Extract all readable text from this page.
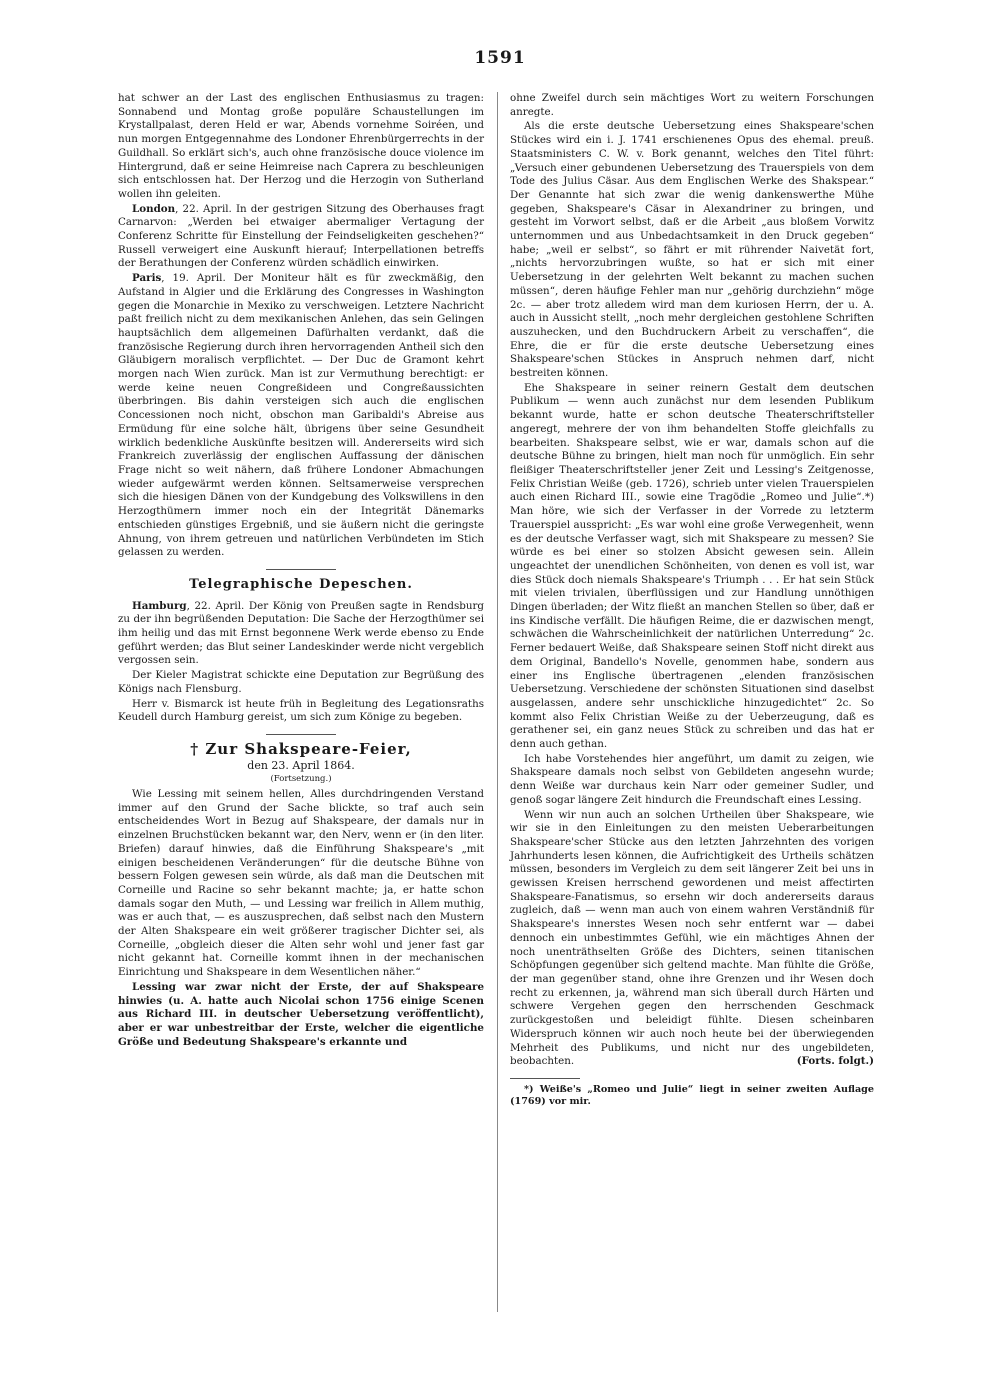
1591

hat schwer an der Last des englischen Enthusiasmus zu tragen: Sonnabend und Montag große populäre Schaustellungen im Krystallpalast, deren Held er war, Abends vornehme Soiréen, und nun morgen Entgegennahme des Londoner Ehrenbürgerrechts in der Guildhall. So erklärt sich's, auch ohne französische douce violence im Hintergrund, daß er seine Heimreise nach Caprera zu beschleunigen sich entschlossen hat. Der Herzog und die Herzogin von Sutherland wollen ihn geleiten.

London, 22. April. In der gestrigen Sitzung des Oberhauses fragt Carnarvon: „Werden bei etwaiger abermaliger Vertagung der Conferenz Schritte für Einstellung der Feindseligkeiten geschehen?“ Russell verweigert eine Auskunft hierauf; Interpellationen betreffs der Berathungen der Conferenz würden schädlich einwirken.

Paris, 19. April. Der Moniteur hält es für zweckmäßig, den Aufstand in Algier und die Erklärung des Congresses in Washington gegen die Monarchie in Mexiko zu verschweigen. Letztere Nachricht paßt freilich nicht zu dem mexikanischen Anlehen, das sein Gelingen hauptsächlich dem allgemeinen Dafürhalten verdankt, daß die französische Regierung durch ihren hervorragenden Antheil sich den Gläubigern moralisch verpflichtet. — Der Duc de Gramont kehrt morgen nach Wien zurück. Man ist zur Vermuthung berechtigt: er werde keine neuen Congreßideen und Congreßaussichten überbringen. Bis dahin versteigen sich auch die englischen Concessionen noch nicht, obschon man Garibaldi's Abreise aus Ermüdung für eine solche hält, übrigens über seine Gesundheit wirklich bedenkliche Auskünfte besitzen will. Andererseits wird sich Frankreich zuverlässig der englischen Auffassung der dänischen Frage nicht so weit nähern, daß frühere Londoner Abmachungen wieder aufgewärmt werden können. Seltsamerweise versprechen sich die hiesigen Dänen von der Kundgebung des Volkswillens in den Herzogthümern immer noch ein der Integrität Dänemarks entschieden günstiges Ergebniß, und sie äußern nicht die geringste Ahnung, von ihrem getreuen und natürlichen Verbündeten im Stich gelassen zu werden.

Telegraphische Depeschen.

Hamburg, 22. April. Der König von Preußen sagte in Rendsburg zu der ihn begrüßenden Deputation: Die Sache der Herzogthümer sei ihm heilig und das mit Ernst begonnene Werk werde ebenso zu Ende geführt werden; das Blut seiner Landeskinder werde nicht vergeblich vergossen sein.

Der Kieler Magistrat schickte eine Deputation zur Begrüßung des Königs nach Flensburg.

Herr v. Bismarck ist heute früh in Begleitung des Legationsraths Keudell durch Hamburg gereist, um sich zum Könige zu begeben.

† Zur Shakspeare-Feier,

den 23. April 1864.

(Fortsetzung.)

Wie Lessing mit seinem hellen, Alles durchdringenden Verstand immer auf den Grund der Sache blickte, so traf auch sein entscheidendes Wort in Bezug auf Shakspeare, der damals nur in einzelnen Bruchstücken bekannt war, den Nerv, wenn er (in den liter. Briefen) darauf hinwies, daß die Einführung Shakspeare's „mit einigen bescheidenen Veränderungen“ für die deutsche Bühne von bessern Folgen gewesen sein würde, als daß man die Deutschen mit Corneille und Racine so sehr bekannt machte; ja, er hatte schon damals sogar den Muth, — und Lessing war freilich in Allem muthig, was er auch that, — es auszusprechen, daß selbst nach den Mustern der Alten Shakspeare ein weit größerer tragischer Dichter sei, als Corneille, „obgleich dieser die Alten sehr wohl und jener fast gar nicht gekannt hat. Corneille kommt ihnen in der mechanischen Einrichtung und Shakspeare in dem Wesentlichen näher.“

Lessing war zwar nicht der Erste, der auf Shakspeare hinwies (u. A. hatte auch Nicolai schon 1756 einige Scenen aus Richard III. in deutscher Uebersetzung veröffentlicht), aber er war unbestreitbar der Erste, welcher die eigentliche Größe und Bedeutung Shakspeare's erkannte und

ohne Zweifel durch sein mächtiges Wort zu weitern Forschungen anregte.

Als die erste deutsche Uebersetzung eines Shakspeare'schen Stückes wird ein i. J. 1741 erschienenes Opus des ehemal. preuß. Staatsministers C. W. v. Bork genannt, welches den Titel führt: „Versuch einer gebundenen Uebersetzung des Trauerspiels von dem Tode des Julius Cäsar. Aus dem Englischen Werke des Shakspear.“ Der Genannte hat sich zwar die wenig dankenswerthe Mühe gegeben, Shakspeare's Cäsar in Alexandriner zu bringen, und gesteht im Vorwort selbst, daß er die Arbeit „aus bloßem Vorwitz unternommen und aus Unbedachtsamkeit in den Druck gegeben“ habe; „weil er selbst“, so fährt er mit rührender Naivetät fort, „nichts hervorzubringen wußte, so hat er sich mit einer Uebersetzung in der gelehrten Welt bekannt zu machen suchen müssen“, deren häufige Fehler man nur „gehörig durchziehn“ möge 2c. — aber trotz alledem wird man dem kuriosen Herrn, der u. A. auch in Aussicht stellt, „noch mehr dergleichen gestohlene Schriften auszuhecken, und den Buchdruckern Arbeit zu verschaffen“, die Ehre, die er für die erste deutsche Uebersetzung eines Shakspeare'schen Stückes in Anspruch nehmen darf, nicht bestreiten können.

Ehe Shakspeare in seiner reinern Gestalt dem deutschen Publikum — wenn auch zunächst nur dem lesenden Publikum bekannt wurde, hatte er schon deutsche Theaterschriftsteller angeregt, mehrere der von ihm behandelten Stoffe gleichfalls zu bearbeiten. Shakspeare selbst, wie er war, damals schon auf die deutsche Bühne zu bringen, hielt man noch für unmöglich. Ein sehr fleißiger Theaterschriftsteller jener Zeit und Lessing's Zeitgenosse, Felix Christian Weiße (geb. 1726), schrieb unter vielen Trauerspielen auch einen Richard III., sowie eine Tragödie „Romeo und Julie“.*) Man höre, wie sich der Verfasser in der Vorrede zu letzterm Trauerspiel ausspricht: „Es war wohl eine große Verwegenheit, wenn es der deutsche Verfasser wagt, sich mit Shakspeare zu messen? Sie würde es bei einer so stolzen Absicht gewesen sein. Allein ungeachtet der unendlichen Schönheiten, von denen es voll ist, war dies Stück doch niemals Shakspeare's Triumph . . . Er hat sein Stück mit vielen trivialen, überflüssigen und zur Handlung unnöthigen Dingen überladen; der Witz fließt an manchen Stellen so über, daß er ins Kindische verfällt. Die häufigen Reime, die er dazwischen mengt, schwächen die Wahrscheinlichkeit der natürlichen Unterredung“ 2c. Ferner bedauert Weiße, daß Shakspeare seinen Stoff nicht direkt aus dem Original, Bandello's Novelle, genommen habe, sondern aus einer ins Englische übertragenen „elenden französischen Uebersetzung. Verschiedene der schönsten Situationen sind daselbst ausgelassen, andere sehr unschickliche hinzugedichtet“ 2c. So kommt also Felix Christian Weiße zu der Ueberzeugung, daß es gerathener sei, ein ganz neues Stück zu schreiben und das hat er denn auch gethan.

Ich habe Vorstehendes hier angeführt, um damit zu zeigen, wie Shakspeare damals noch selbst von Gebildeten angesehn wurde; denn Weiße war durchaus kein Narr oder gemeiner Sudler, und genoß sogar längere Zeit hindurch die Freundschaft eines Lessing.

Wenn wir nun auch an solchen Urtheilen über Shakspeare, wie wir sie in den Einleitungen zu den meisten Ueberarbeitungen Shakspeare'scher Stücke aus den letzten Jahrzehnten des vorigen Jahrhunderts lesen können, die Aufrichtigkeit des Urtheils schätzen müssen, besonders im Vergleich zu dem seit längerer Zeit bei uns in gewissen Kreisen herrschend gewordenen und meist affectirten Shakspeare-Fanatismus, so ersehn wir doch andererseits daraus zugleich, daß — wenn man auch von einem wahren Verständniß für Shakspeare's innerstes Wesen noch sehr entfernt war — dabei dennoch ein unbestimmtes Gefühl, wie ein mächtiges Ahnen der noch unenträthselten Größe des Dichters, seinen titanischen Schöpfungen gegenüber sich geltend machte. Man fühlte die Größe, der man gegenüber stand, ohne ihre Grenzen und ihr Wesen doch recht zu erkennen, ja, während man sich überall durch Härten und schwere Vergehen gegen den herrschenden Geschmack zurückgestoßen und beleidigt fühlte. Diesen scheinbaren Widerspruch können wir auch noch heute bei der überwiegenden Mehrheit des Publikums, und nicht nur des ungebildeten, beobachten.	(Forts. folgt.)

*) Weiße's „Romeo und Julie“ liegt in seiner zweiten Auflage (1769) vor mir.
